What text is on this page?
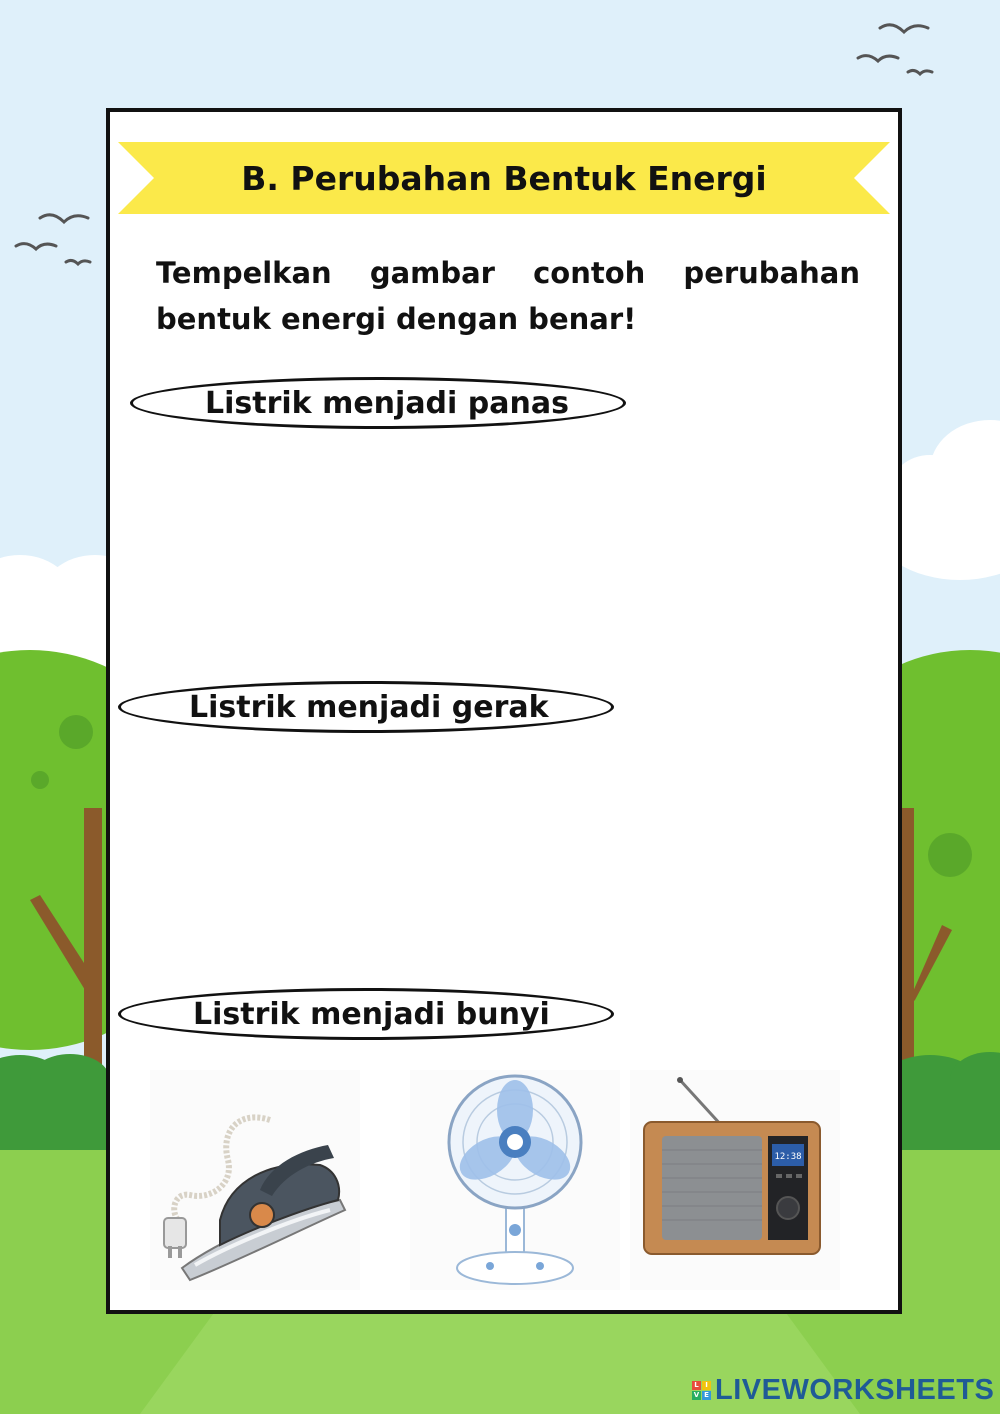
B. Perubahan Bentuk Energi
Tempelkan gambar contoh perubahan bentuk energi dengan benar!
Listrik menjadi panas
Listrik menjadi gerak
Listrik menjadi bunyi
12:38
L I
V E LIVEWORKSHEETS
